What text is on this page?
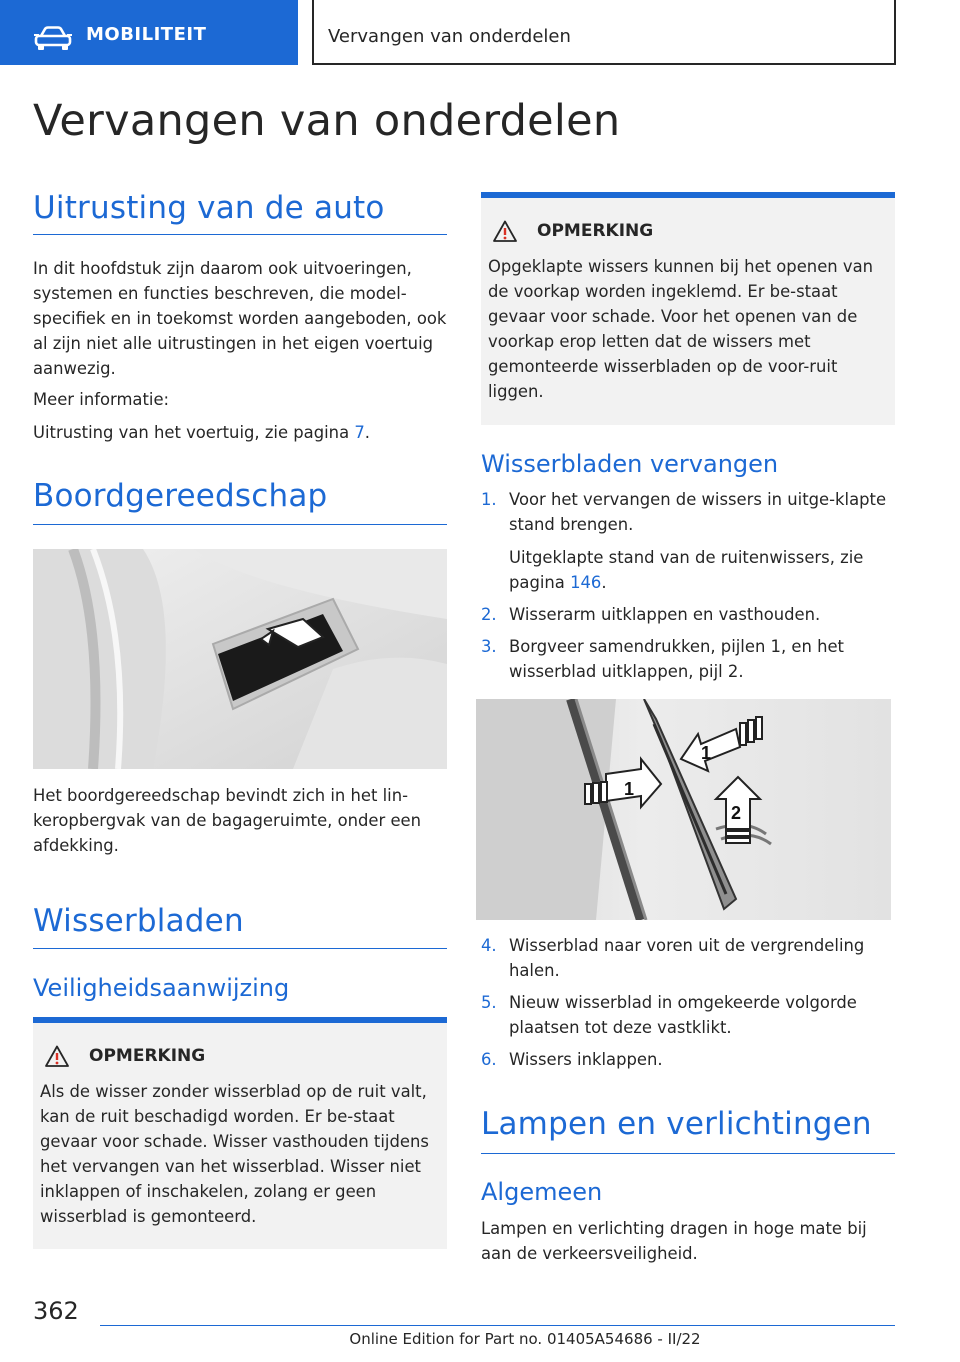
MOBILITEIT	Vervangen van onderdelen
Vervangen van onderdelen
Uitrusting van de auto

In dit hoofdstuk zijn daarom ook uitvoeringen, systemen en functies beschreven, die model-specifiek en in toekomst worden aangeboden, ook al zijn niet alle uitrustingen in het eigen voertuig aanwezig.

Meer informatie:

Uitrusting van het voertuig, zie pagina 7.

Boordgereedschap

Het boordgereedschap bevindt zich in het lin-keropbergvak van de bagageruimte, onder een afdekking.

Wisserbladen
Veiligheidsaanwijzing
OPMERKING

Als de wisser zonder wisserblad op de ruit valt, kan de ruit beschadigd worden. Er be-staat gevaar voor schade. Wisser vasthouden tijdens het vervangen van het wisserblad. Wisser niet inklappen of inschakelen, zolang er geen wisserblad is gemonteerd.

OPMERKING

Opgeklapte wissers kunnen bij het openen van de voorkap worden ingeklemd. Er be-staat gevaar voor schade. Voor het openen van de voorkap erop letten dat de wissers met gemonteerde wisserbladen op de voor-ruit liggen.

Wisserbladen vervangen
1. Voor het vervangen de wissers in uitge-klapte stand brengen.

Uitgeklapte stand van de ruitenwissers, zie pagina 146.

2. Wisserarm uitklappen en vasthouden.
3. Borgveer samendrukken, pijlen 1, en het wisserblad uitklappen, pijl 2.
1
1
2
4. Wisserblad naar voren uit de vergrendeling halen.
5. Nieuw wisserblad in omgekeerde volgorde plaatsen tot deze vastklikt.
6. Wissers inklappen.
Lampen en verlichtingen
Algemeen

Lampen en verlichting dragen in hoge mate bij aan de verkeersveiligheid.

362
Online Edition for Part no. 01405A54686 - II/22
